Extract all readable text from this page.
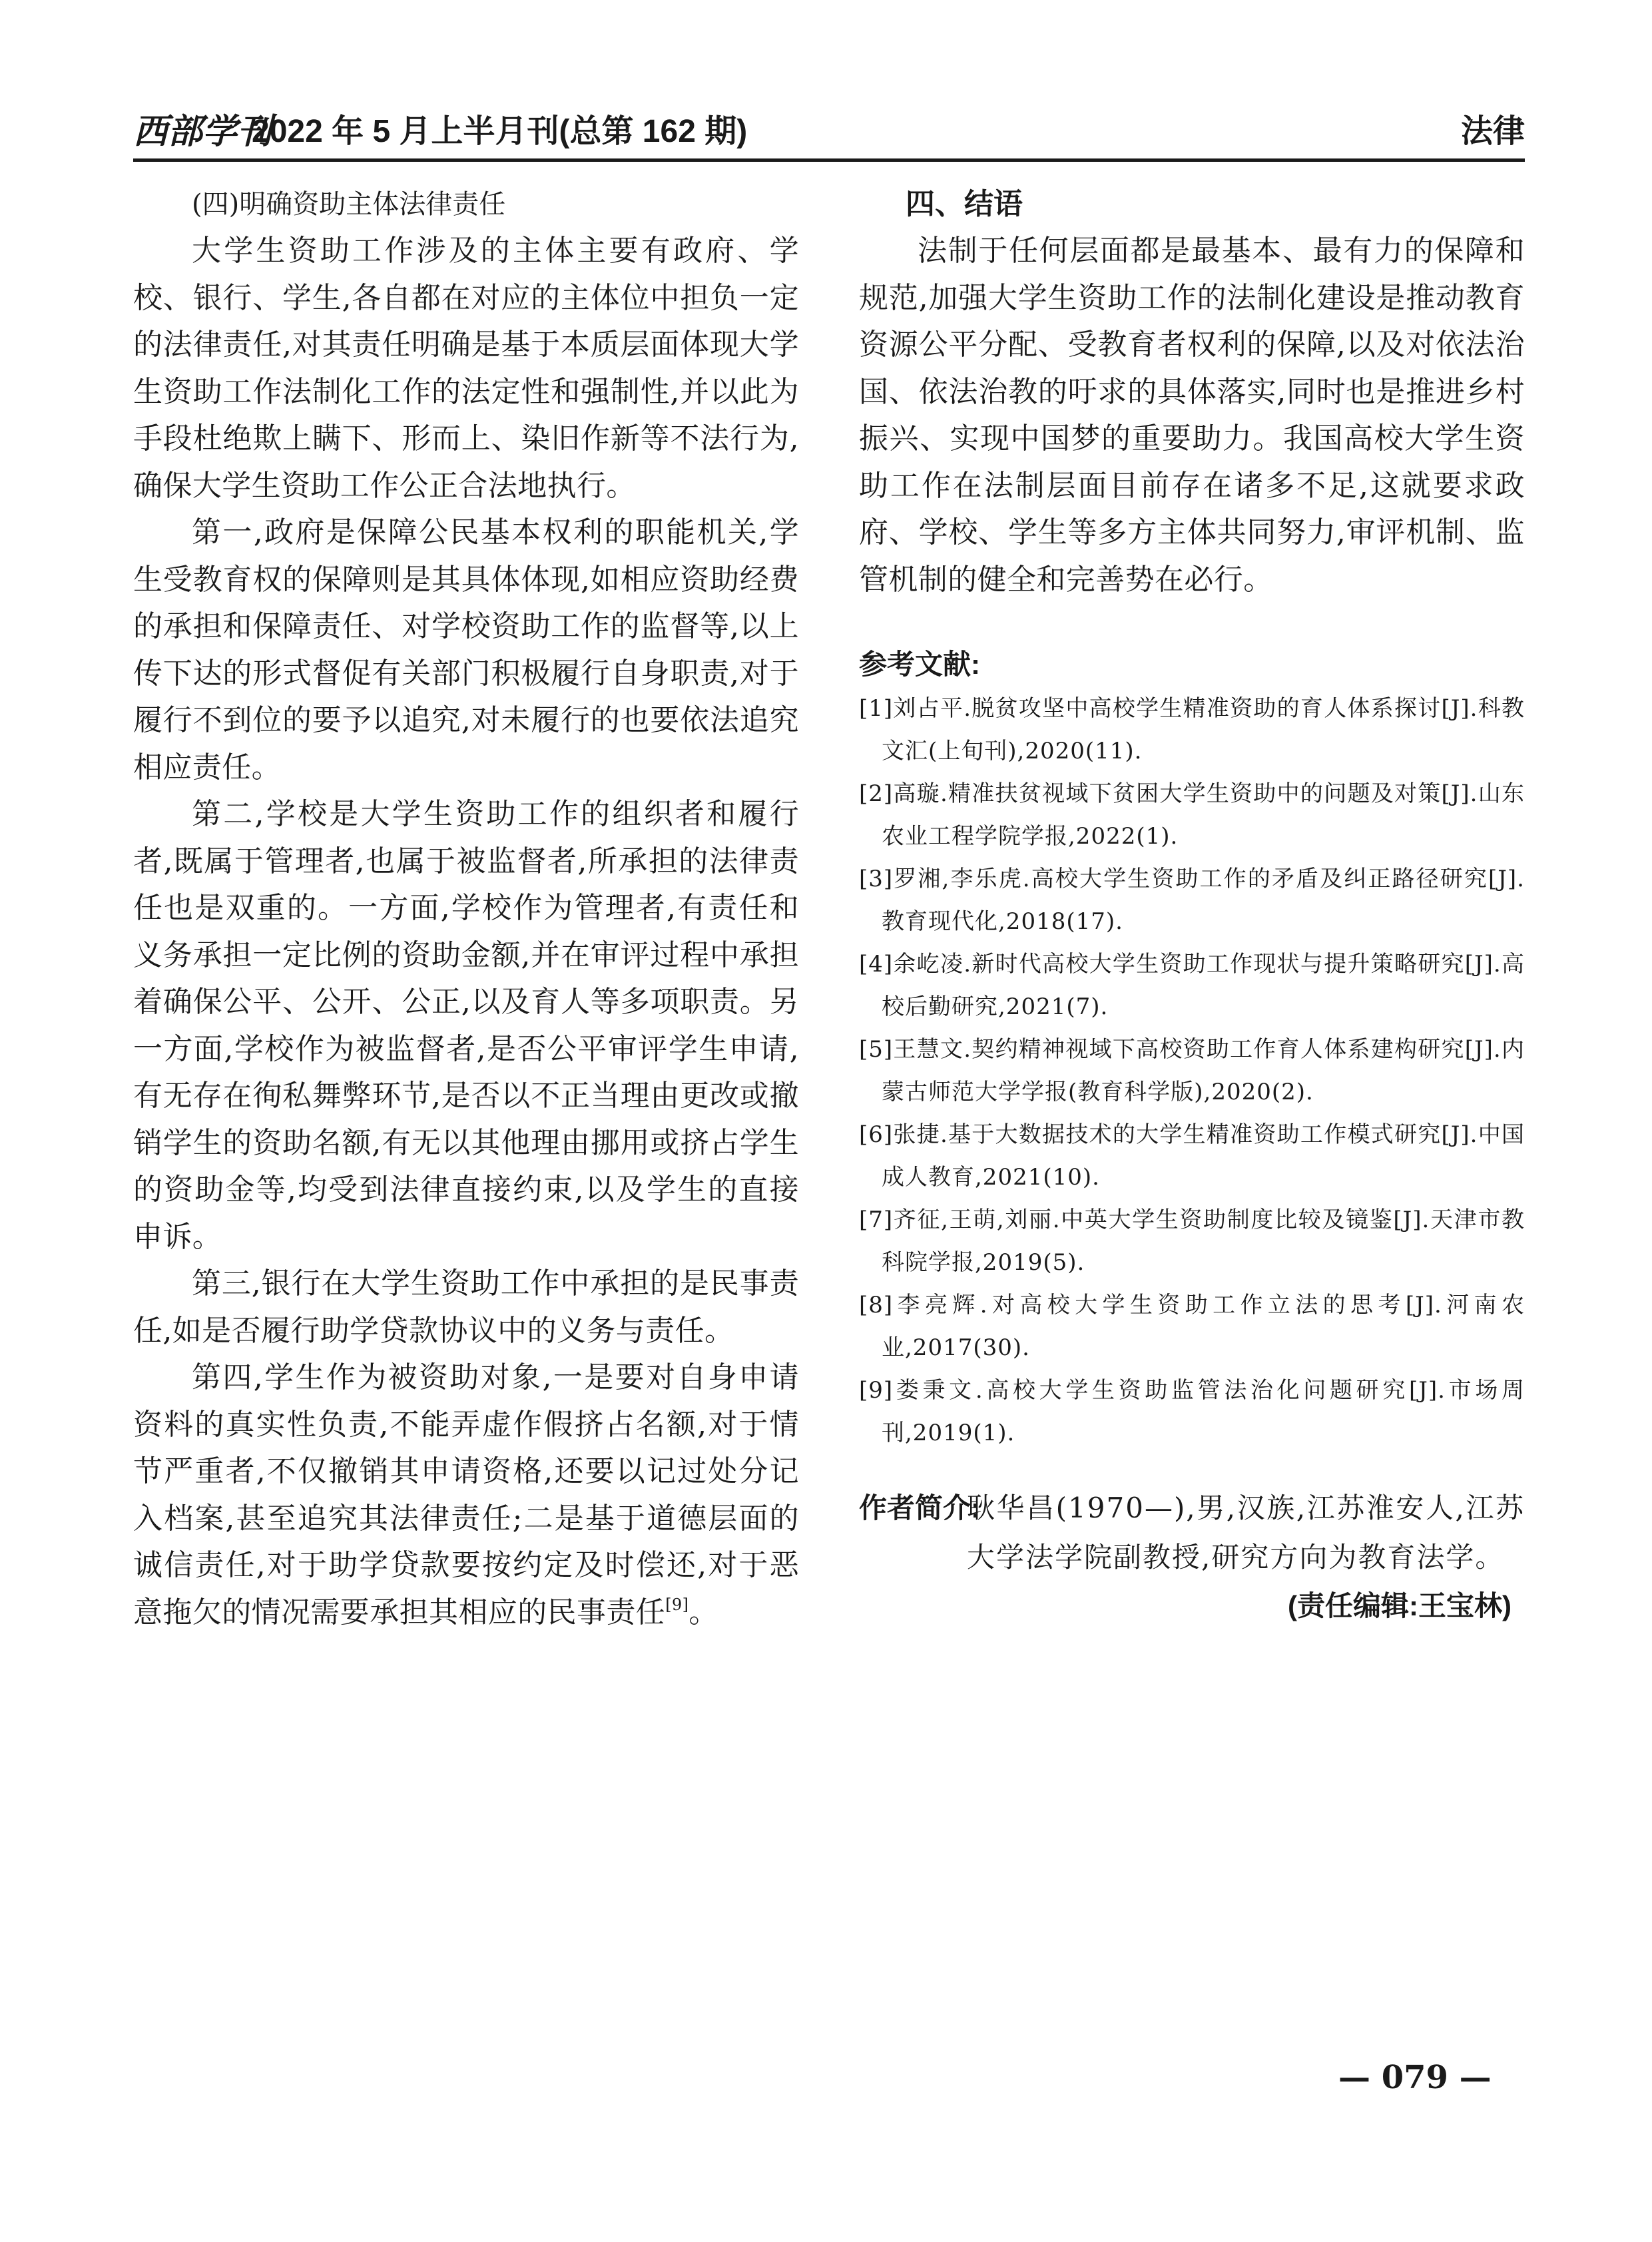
西部学刊
2022 年 5 月上半月刊(总第 162 期)	法律

(四)明确资助主体法律责任

大学生资助工作涉及的主体主要有政府、学校、银行、学生,各自都在对应的主体位中担负一定的法律责任,对其责任明确是基于本质层面体现大学生资助工作法制化工作的法定性和强制性,并以此为手段杜绝欺上瞒下、形而上、染旧作新等不法行为,确保大学生资助工作公正合法地执行。

第一,政府是保障公民基本权利的职能机关,学生受教育权的保障则是其具体体现,如相应资助经费的承担和保障责任、对学校资助工作的监督等,以上传下达的形式督促有关部门积极履行自身职责,对于履行不到位的要予以追究,对未履行的也要依法追究相应责任。

第二,学校是大学生资助工作的组织者和履行者,既属于管理者,也属于被监督者,所承担的法律责任也是双重的。一方面,学校作为管理者,有责任和义务承担一定比例的资助金额,并在审评过程中承担着确保公平、公开、公正,以及育人等多项职责。另一方面,学校作为被监督者,是否公平审评学生申请,有无存在徇私舞弊环节,是否以不正当理由更改或撤销学生的资助名额,有无以其他理由挪用或挤占学生的资助金等,均受到法律直接约束,以及学生的直接申诉。

第三,银行在大学生资助工作中承担的是民事责任,如是否履行助学贷款协议中的义务与责任。

第四,学生作为被资助对象,一是要对自身申请资料的真实性负责,不能弄虚作假挤占名额,对于情节严重者,不仅撤销其申请资格,还要以记过处分记入档案,甚至追究其法律责任;二是基于道德层面的诚信责任,对于助学贷款要按约定及时偿还,对于恶意拖欠的情况需要承担其相应的民事责任[9]。

四、结语

法制于任何层面都是最基本、最有力的保障和规范,加强大学生资助工作的法制化建设是推动教育资源公平分配、受教育者权利的保障,以及对依法治国、依法治教的吁求的具体落实,同时也是推进乡村振兴、实现中国梦的重要助力。我国高校大学生资助工作在法制层面目前存在诸多不足,这就要求政府、学校、学生等多方主体共同努力,审评机制、监管机制的健全和完善势在必行。

参考文献:

[1]刘占平.脱贫攻坚中高校学生精准资助的育人体系探讨[J].科教文汇(上旬刊),2020(11).

[2]高璇.精准扶贫视域下贫困大学生资助中的问题及对策[J].山东农业工程学院学报,2022(1).

[3]罗湘,李乐虎.高校大学生资助工作的矛盾及纠正路径研究[J].教育现代化,2018(17).

[4]余屹凌.新时代高校大学生资助工作现状与提升策略研究[J].高校后勤研究,2021(7).

[5]王慧文.契约精神视域下高校资助工作育人体系建构研究[J].内蒙古师范大学学报(教育科学版),2020(2).

[6]张捷.基于大数据技术的大学生精准资助工作模式研究[J].中国成人教育,2021(10).

[7]齐征,王萌,刘丽.中英大学生资助制度比较及镜鉴[J].天津市教科院学报,2019(5).

[8]李亮辉.对高校大学生资助工作立法的思考[J].河南农业,2017(30).

[9]娄秉文.高校大学生资助监管法治化问题研究[J].市场周刊,2019(1).

作者简介:
耿华昌(1970—),男,汉族,江苏淮安人,江苏大学法学院副教授,研究方向为教育法学。
(责任编辑:王宝林)
— 079 —
